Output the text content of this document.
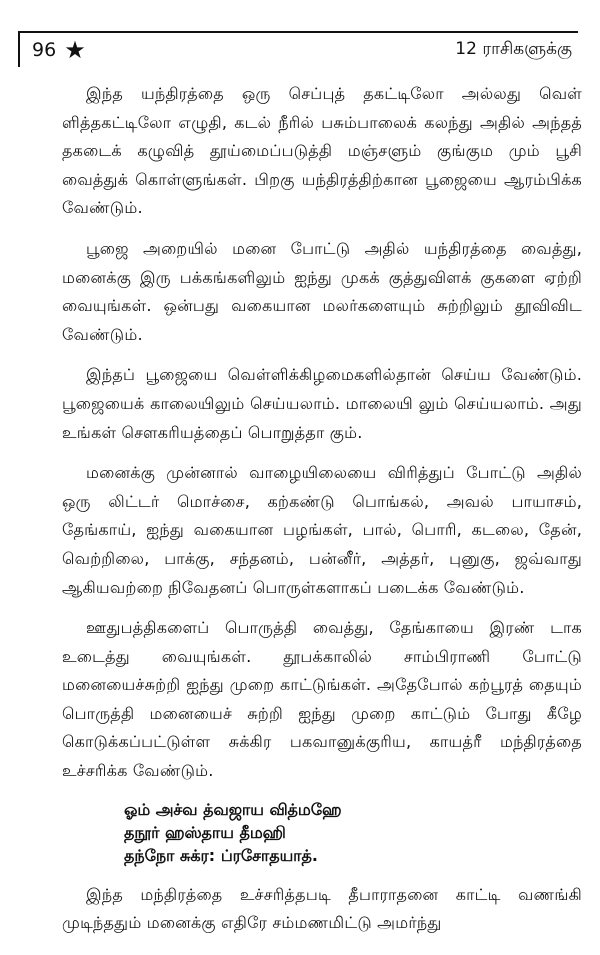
96 ★	12 ராசிகளுக்கு

இந்த யந்திரத்தை ஒரு செப்புத் தகட்டிலோ அல்லது வெள் ளித்தகட்டிலோ எழுதி, கடல் நீரில் பசும்பாலைக் கலந்து அதில் அந்தத் தகடைக் கழுவித் தூய்மைப்படுத்தி மஞ்சளும் குங்கும மும் பூசி வைத்துக் கொள்ளுங்கள். பிறகு யந்திரத்திற்கான பூஜையை ஆரம்பிக்க வேண்டும்.

பூஜை அறையில் மனை போட்டு அதில் யந்திரத்தை வைத்து, மனைக்கு இரு பக்கங்களிலும் ஐந்து முகக் குத்துவிளக் குகளை ஏற்றி வையுங்கள். ஒன்பது வகையான மலர்களையும் சுற்றிலும் தூவிவிட வேண்டும்.

இந்தப் பூஜையை வெள்ளிக்கிழமைகளில்தான் செய்ய வேண்டும். பூஜையைக் காலையிலும் செய்யலாம். மாலையி லும் செய்யலாம். அது உங்கள் சௌகரியத்தைப் பொறுத்தா கும்.

மனைக்கு முன்னால் வாழையிலையை விரித்துப் போட்டு அதில் ஒரு லிட்டர் மொச்சை, கற்கண்டு பொங்கல், அவல் பாயாசம், தேங்காய், ஐந்து வகையான பழங்கள், பால், பொரி, கடலை, தேன், வெற்றிலை, பாக்கு, சந்தனம், பன்னீர், அத்தர், புனுகு, ஜவ்வாது ஆகியவற்றை நிவேதனப் பொருள்களாகப் படைக்க வேண்டும்.

ஊதுபத்திகளைப் பொருத்தி வைத்து, தேங்காயை இரண் டாக உடைத்து வையுங்கள். தூபக்காலில் சாம்பிராணி போட்டு மனையைச்சுற்றி ஐந்து முறை காட்டுங்கள். அதேபோல் கற்பூரத் தையும் பொருத்தி மனையைச் சுற்றி ஐந்து முறை காட்டும் போது கீழே கொடுக்கப்பட்டுள்ள சுக்கிர பகவானுக்குரிய, காயத்ரீ மந்திரத்தை உச்சரிக்க வேண்டும்.

ஓம் அச்வ த்வஜாய வித்மஹே
தநூர் ஹஸ்தாய தீமஹி
தந்நோ சுக்ர: ப்ரசோதயாத்.

இந்த மந்திரத்தை உச்சரித்தபடி தீபாராதனை காட்டி வணங்கி முடிந்ததும் மனைக்கு எதிரே சம்மணமிட்டு அமர்ந்து
